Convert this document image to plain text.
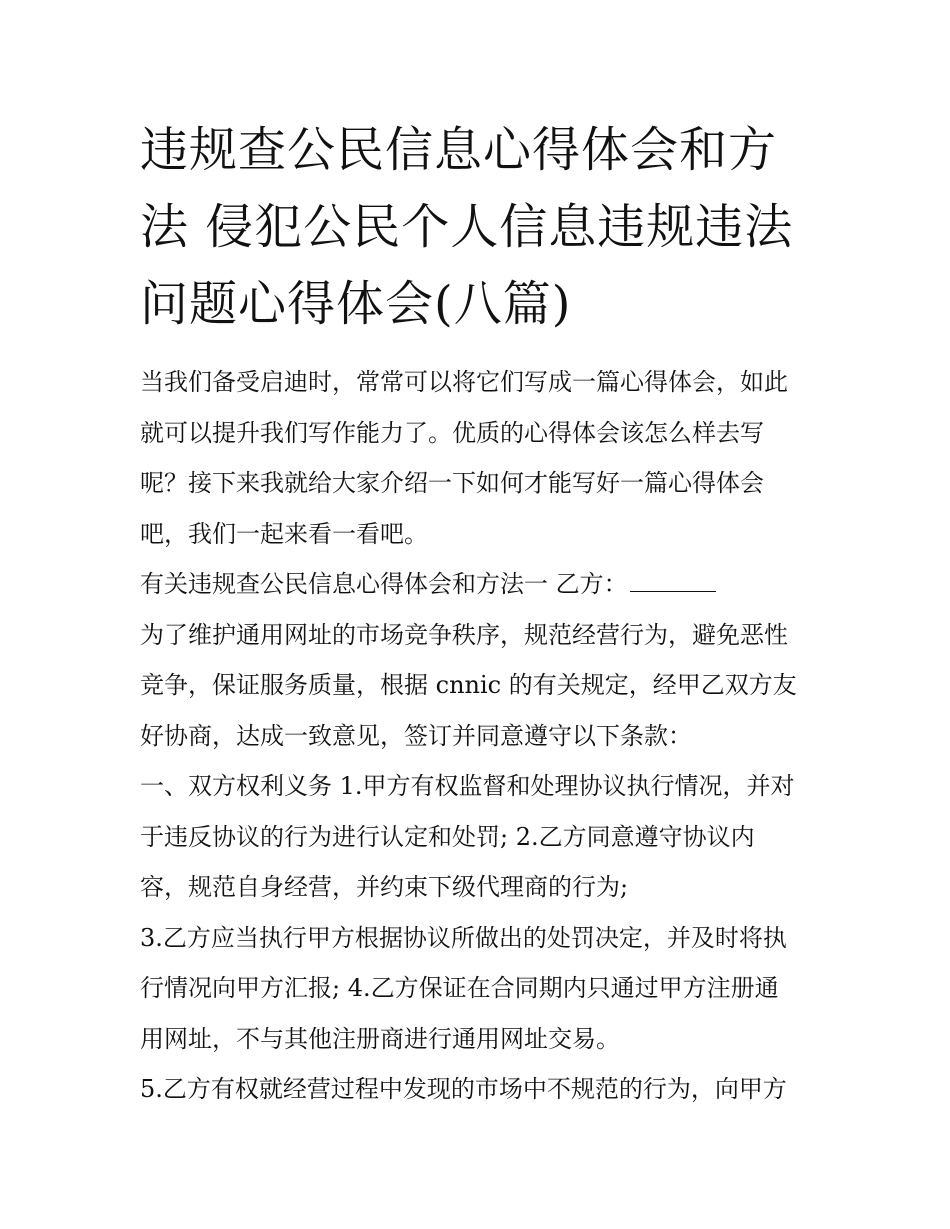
违规查公民信息心得体会和方
法 侵犯公民个人信息违规违法
问题心得体会(八篇)
当我们备受启迪时，常常可以将它们写成一篇心得体会，如此
就可以提升我们写作能力了。优质的心得体会该怎么样去写
呢？接下来我就给大家介绍一下如何才能写好一篇心得体会
吧，我们一起来看一看吧。
有关违规查公民信息心得体会和方法一 乙方：
为了维护通用网址的市场竞争秩序，规范经营行为，避免恶性
竞争，保证服务质量，根据 cnnic 的有关规定，经甲乙双方友
好协商，达成一致意见，签订并同意遵守以下条款：
一、双方权利义务 1.甲方有权监督和处理协议执行情况，并对
于违反协议的行为进行认定和处罚; 2.乙方同意遵守协议内
容，规范自身经营，并约束下级代理商的行为;
3.乙方应当执行甲方根据协议所做出的处罚决定，并及时将执
行情况向甲方汇报; 4.乙方保证在合同期内只通过甲方注册通
用网址，不与其他注册商进行通用网址交易。
5.乙方有权就经营过程中发现的市场中不规范的行为，向甲方
